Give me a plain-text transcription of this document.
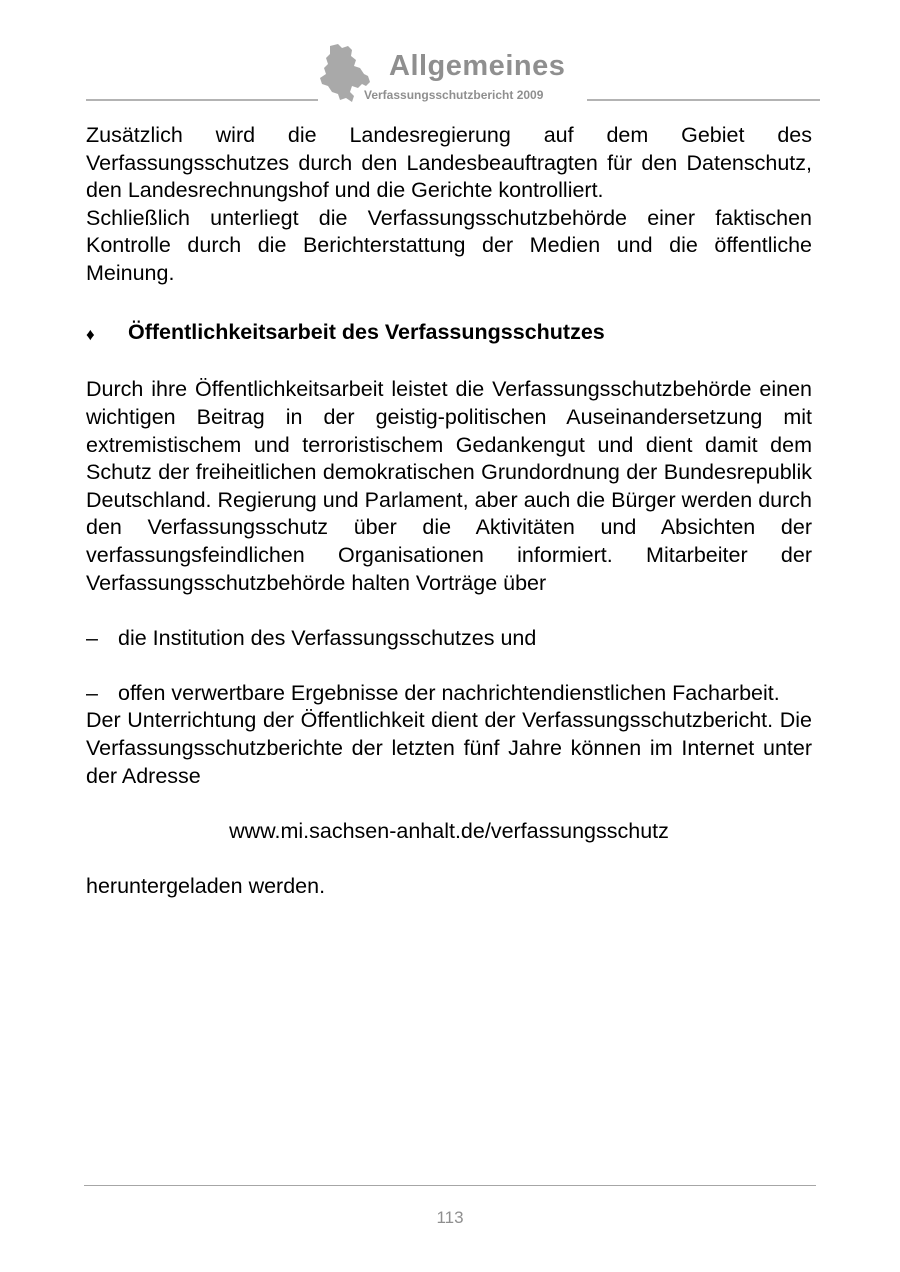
Allgemeines
Verfassungsschutzbericht 2009

Zusätzlich wird die Landesregierung auf dem Gebiet des Verfassungsschutzes durch den Landesbeauftragten für den Datenschutz, den Landesrechnungshof und die Gerichte kontrolliert.

Schließlich unterliegt die Verfassungsschutzbehörde einer faktischen Kontrolle durch die Berichterstattung der Medien und die öffentliche Meinung.

♦	Öffentlichkeitsarbeit des Verfassungsschutzes

Durch ihre Öffentlichkeitsarbeit leistet die Verfassungsschutzbehörde einen wichtigen Beitrag in der geistig-politischen Auseinandersetzung mit extremistischem und terroristischem Gedankengut und dient damit dem Schutz der freiheitlichen demokratischen Grundordnung der Bundesrepublik Deutschland. Regierung und Parlament, aber auch die Bürger werden durch den Verfassungsschutz über die Aktivitäten und Absichten der verfassungsfeindlichen Organisationen informiert. Mitarbeiter der Verfassungsschutzbehörde halten Vorträge über

– die Institution des Verfassungsschutzes und
– offen verwertbare Ergebnisse der nachrichtendienstlichen Facharbeit.

Der Unterrichtung der Öffentlichkeit dient der Verfassungsschutzbericht. Die Verfassungsschutzberichte der letzten fünf Jahre können im Internet unter der Adresse

www.mi.sachsen-anhalt.de/verfassungsschutz

heruntergeladen werden.

113
